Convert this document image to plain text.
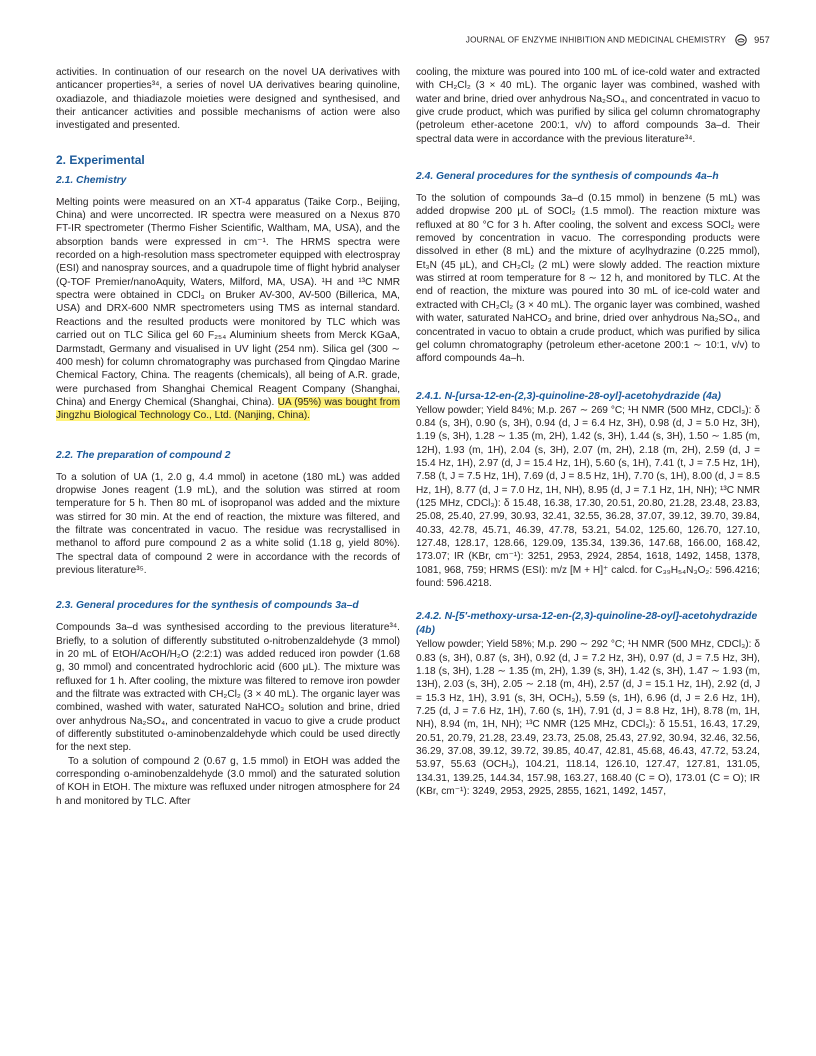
JOURNAL OF ENZYME INHIBITION AND MEDICINAL CHEMISTRY	957

activities. In continuation of our research on the novel UA derivatives with anticancer properties³⁴, a series of novel UA derivatives bearing quinoline, oxadiazole, and thiadiazole moieties were designed and synthesised, and their anticancer activities and possible mechanisms of action were also investigated and presented.

2. Experimental
2.1. Chemistry

Melting points were measured on an XT-4 apparatus (Taike Corp., Beijing, China) and were uncorrected. IR spectra were measured on a Nexus 870 FT-IR spectrometer (Thermo Fisher Scientific, Waltham, MA, USA), and the absorption bands were expressed in cm⁻¹. The HRMS spectra were recorded on a high-resolution mass spectrometer equipped with electrospray (ESI) and nanospray sources, and a quadrupole time of flight hybrid analyser (Q-TOF Premier/nanoAquity, Waters, Milford, MA, USA). ¹H and ¹³C NMR spectra were obtained in CDCl₃ on Bruker AV-300, AV-500 (Billerica, MA, USA) and DRX-600 NMR spectrometers using TMS as internal standard. Reactions and the resulted products were monitored by TLC which was carried out on TLC Silica gel 60 F₂₅₄ Aluminium sheets from Merck KGaA, Darmstadt, Germany and visualised in UV light (254 nm). Silica gel (300 ∼ 400 mesh) for column chromatography was purchased from Qingdao Marine Chemical Factory, China. The reagents (chemicals), all being of A.R. grade, were purchased from Shanghai Chemical Reagent Company (Shanghai, China) and Energy Chemical (Shanghai, China). UA (95%) was bought from Jingzhu Biological Technology Co., Ltd. (Nanjing, China).

2.2. The preparation of compound 2

To a solution of UA (1, 2.0 g, 4.4 mmol) in acetone (180 mL) was added dropwise Jones reagent (1.9 mL), and the solution was stirred at room temperature for 5 h. Then 80 mL of isopropanol was added and the mixture was stirred for 30 min. At the end of reaction, the mixture was filtered, and the filtrate was concentrated in vacuo. The residue was recrystallised in methanol to afford pure compound 2 as a white solid (1.18 g, yield 80%). The spectral data of compound 2 were in accordance with the records of previous literature³⁵.

2.3. General procedures for the synthesis of compounds 3a–d

Compounds 3a–d was synthesised according to the previous literature³⁴. Briefly, to a solution of differently substituted o-nitrobenzaldehyde (3 mmol) in 20 mL of EtOH/AcOH/H₂O (2:2:1) was added reduced iron powder (1.68 g, 30 mmol) and concentrated hydrochloric acid (600 μL). The mixture was refluxed for 1 h. After cooling, the mixture was filtered to remove iron powder and the filtrate was extracted with CH₂Cl₂ (3 × 40 mL). The organic layer was combined, washed with water, saturated NaHCO₃ solution and brine, dried over anhydrous Na₂SO₄, and concentrated in vacuo to give a crude product of differently substituted o-aminobenzaldehyde which could be used directly for the next step.

To a solution of compound 2 (0.67 g, 1.5 mmol) in EtOH was added the corresponding o-aminobenzaldehyde (3.0 mmol) and the saturated solution of KOH in EtOH. The mixture was refluxed under nitrogen atmosphere for 24 h and monitored by TLC. After

cooling, the mixture was poured into 100 mL of ice-cold water and extracted with CH₂Cl₂ (3 × 40 mL). The organic layer was combined, washed with water and brine, dried over anhydrous Na₂SO₄, and concentrated in vacuo to give crude product, which was purified by silica gel column chromatography (petroleum ether-acetone 200:1, v/v) to afford compounds 3a–d. Their spectral data were in accordance with the previous literature³⁴.

2.4. General procedures for the synthesis of compounds 4a–h

To the solution of compounds 3a–d (0.15 mmol) in benzene (5 mL) was added dropwise 200 μL of SOCl₂ (1.5 mmol). The reaction mixture was refluxed at 80 °C for 3 h. After cooling, the solvent and excess SOCl₂ were removed by concentration in vacuo. The corresponding products were dissolved in ether (8 mL) and the mixture of acylhydrazine (0.225 mmol), Et₃N (45 μL), and CH₂Cl₂ (2 mL) were slowly added. The reaction mixture was stirred at room temperature for 8 ∼ 12 h, and monitored by TLC. At the end of reaction, the mixture was poured into 30 mL of ice-cold water and extracted with CH₂Cl₂ (3 × 40 mL). The organic layer was combined, washed with water, saturated NaHCO₃ and brine, dried over anhydrous Na₂SO₄, and concentrated in vacuo to obtain a crude product, which was purified by silica gel column chromatography (petroleum ether-acetone 200:1 ∼ 10:1, v/v) to afford compounds 4a–h.

2.4.1. N-[ursa-12-en-(2,3)-quinoline-28-oyl]-acetohydrazide (4a)

Yellow powder; Yield 84%; M.p. 267 ∼ 269 °C; ¹H NMR (500 MHz, CDCl₃): δ 0.84 (s, 3H), 0.90 (s, 3H), 0.94 (d, J = 6.4 Hz, 3H), 0.98 (d, J = 5.0 Hz, 3H), 1.19 (s, 3H), 1.28 ∼ 1.35 (m, 2H), 1.42 (s, 3H), 1.44 (s, 3H), 1.50 ∼ 1.85 (m, 12H), 1.93 (m, 1H), 2.04 (s, 3H), 2.07 (m, 2H), 2.18 (m, 2H), 2.59 (d, J = 15.4 Hz, 1H), 2.97 (d, J = 15.4 Hz, 1H), 5.60 (s, 1H), 7.41 (t, J = 7.5 Hz, 1H), 7.58 (t, J = 7.5 Hz, 1H), 7.69 (d, J = 8.5 Hz, 1H), 7.70 (s, 1H), 8.00 (d, J = 8.5 Hz, 1H), 8.77 (d, J = 7.0 Hz, 1H, NH), 8.95 (d, J = 7.1 Hz, 1H, NH); ¹³C NMR (125 MHz, CDCl₃): δ 15.48, 16.38, 17.30, 20.51, 20.80, 21.28, 23.48, 23.83, 25.08, 25.40, 27.99, 30.93, 32.41, 32.55, 36.28, 37.07, 39.12, 39.70, 39.84, 40.33, 42.78, 45.71, 46.39, 47.78, 53.21, 54.02, 125.60, 126.70, 127.10, 127.48, 128.17, 128.66, 129.09, 135.34, 139.36, 147.68, 166.00, 168.42, 173.07; IR (KBr, cm⁻¹): 3251, 2953, 2924, 2854, 1618, 1492, 1458, 1378, 1081, 968, 759; HRMS (ESI): m/z [M + H]⁺ calcd. for C₃₉H₅₄N₃O₂: 596.4216; found: 596.4218.

2.4.2. N-[5′-methoxy-ursa-12-en-(2,3)-quinoline-28-oyl]-acetohydrazide (4b)

Yellow powder; Yield 58%; M.p. 290 ∼ 292 °C; ¹H NMR (500 MHz, CDCl₃): δ 0.83 (s, 3H), 0.87 (s, 3H), 0.92 (d, J = 7.2 Hz, 3H), 0.97 (d, J = 7.5 Hz, 3H), 1.18 (s, 3H), 1.28 ∼ 1.35 (m, 2H), 1.39 (s, 3H), 1.42 (s, 3H), 1.47 ∼ 1.93 (m, 13H), 2.03 (s, 3H), 2.05 ∼ 2.18 (m, 4H), 2.57 (d, J = 15.1 Hz, 1H), 2.92 (d, J = 15.3 Hz, 1H), 3.91 (s, 3H, OCH₃), 5.59 (s, 1H), 6.96 (d, J = 2.6 Hz, 1H), 7.25 (d, J = 7.6 Hz, 1H), 7.60 (s, 1H), 7.91 (d, J = 8.8 Hz, 1H), 8.78 (m, 1H, NH), 8.94 (m, 1H, NH); ¹³C NMR (125 MHz, CDCl₃): δ 15.51, 16.43, 17.29, 20.51, 20.79, 21.28, 23.49, 23.73, 25.08, 25.43, 27.92, 30.94, 32.46, 32.56, 36.29, 37.08, 39.12, 39.72, 39.85, 40.47, 42.81, 45.68, 46.43, 47.72, 53.24, 53.97, 55.63 (OCH₃), 104.21, 118.14, 126.10, 127.47, 127.81, 131.05, 134.31, 139.25, 144.34, 157.98, 163.27, 168.40 (C = O), 173.01 (C = O); IR (KBr, cm⁻¹): 3249, 2953, 2925, 2855, 1621, 1492, 1457,
